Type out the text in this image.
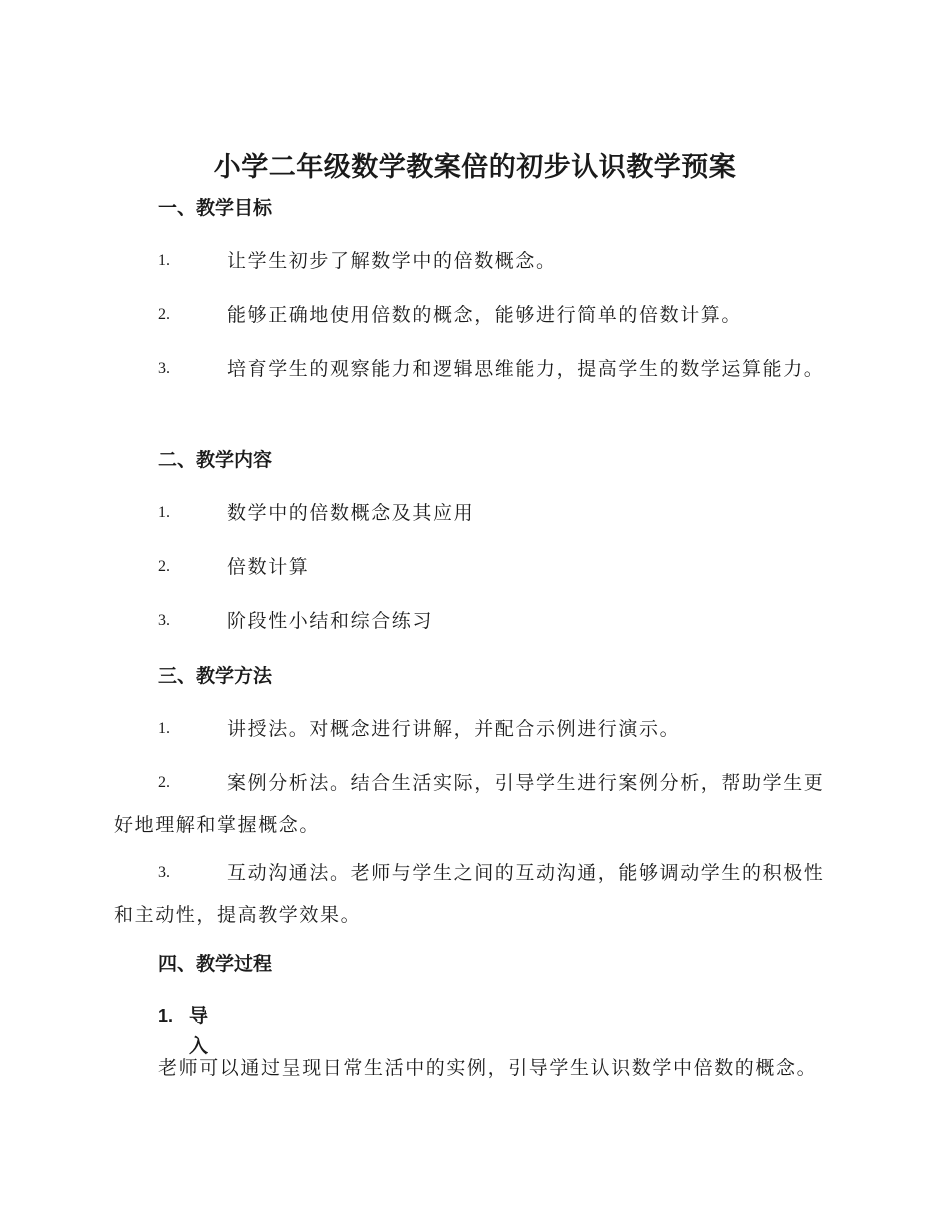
小学二年级数学教案倍的初步认识教学预案
一、教学目标
1.	让学生初步了解数学中的倍数概念。
2.	能够正确地使用倍数的概念，能够进行简单的倍数计算。
3.	培育学生的观察能力和逻辑思维能力，提高学生的数学运算能力。
二、教学内容
1.	数学中的倍数概念及其应用
2.	倍数计算
3.	阶段性小结和综合练习
三、教学方法
1.	讲授法。对概念进行讲解，并配合示例进行演示。
2.	案例分析法。结合生活实际，引导学生进行案例分析，帮助学生更好地理解和掌握概念。
3.	互动沟通法。老师与学生之间的互动沟通，能够调动学生的积极性和主动性，提高教学效果。
四、教学过程
1. 导入
老师可以通过呈现日常生活中的实例，引导学生认识数学中倍数的概念。
